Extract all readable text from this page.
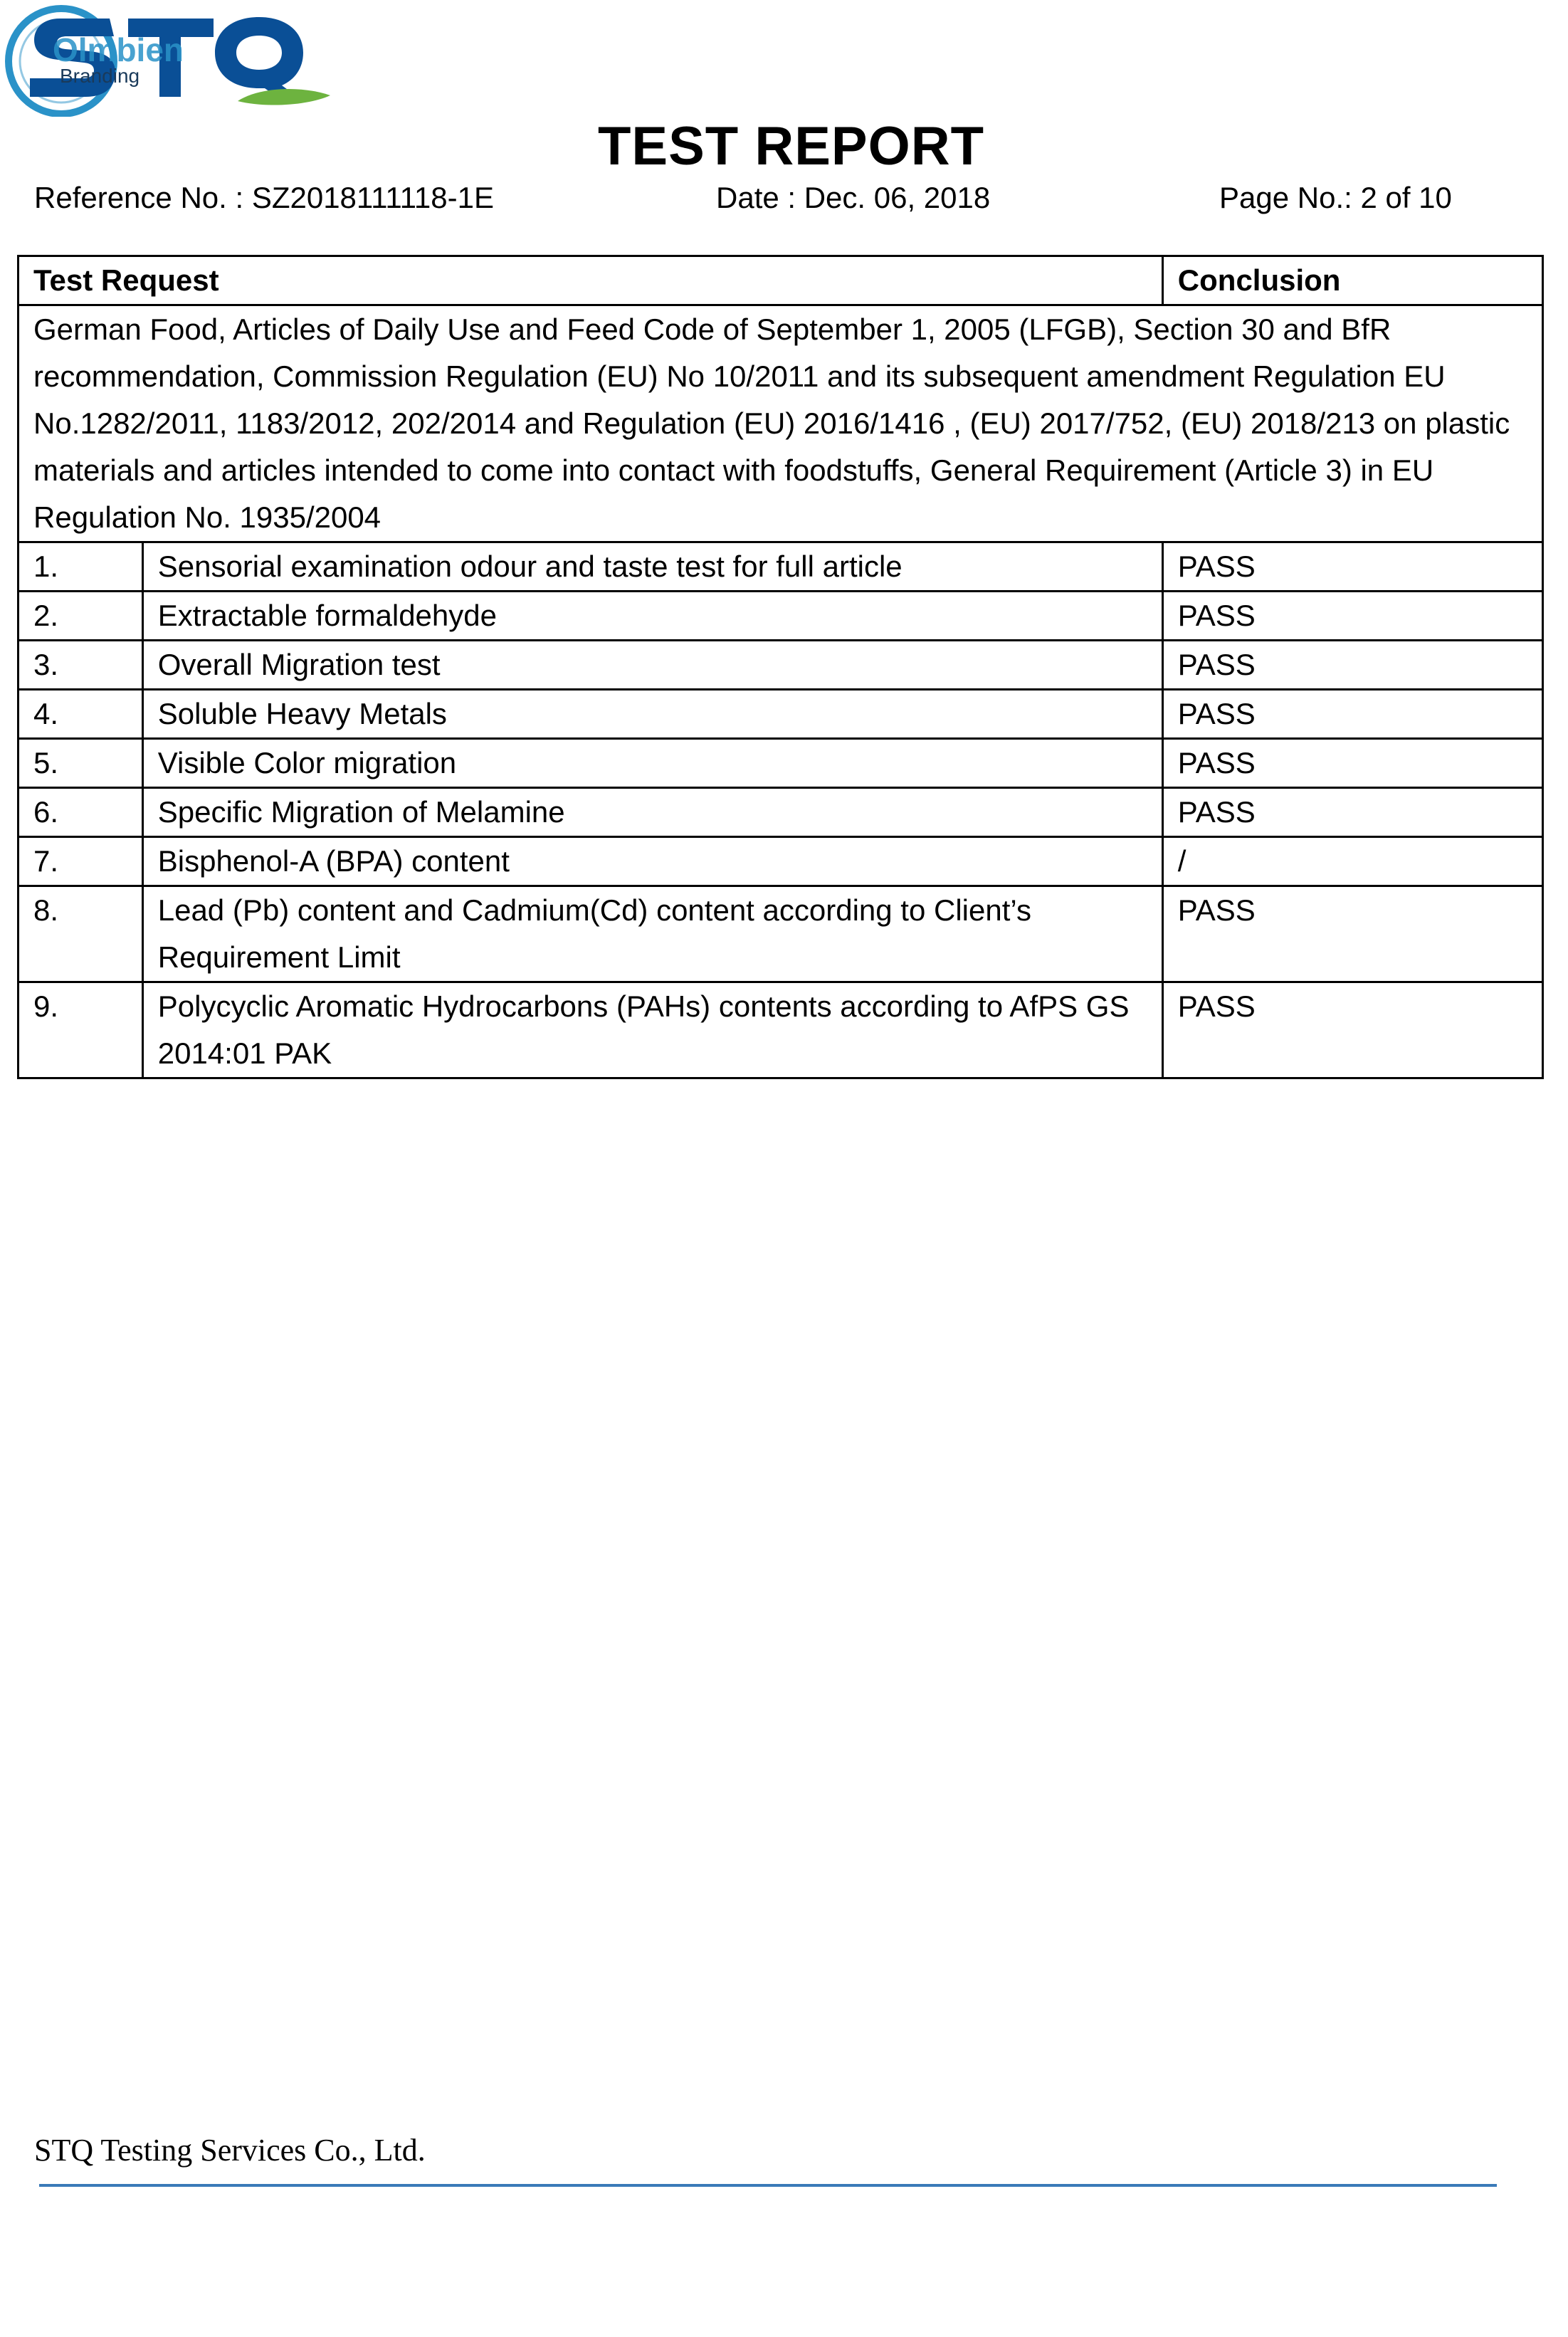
Olmbien
Branding
TEST REPORT
Reference No. : SZ2018111118-1E	Date : Dec. 06, 2018	Page No.: 2 of 10
Test Request		Conclusion
German Food, Articles of Daily Use and Feed Code of September 1, 2005 (LFGB), Section 30 and BfR recommendation, Commission Regulation (EU) No 10/2011 and its subsequent amendment Regulation EU No.1282/2011, 1183/2012, 202/2014 and Regulation (EU) 2016/1416 , (EU) 2017/752, (EU) 2018/213 on plastic materials and articles intended to come into contact with foodstuffs, General Requirement (Article 3) in EU Regulation No. 1935/2004		
1.	Sensorial examination odour and taste test for full article	PASS
2.	Extractable formaldehyde	PASS
3.	Overall Migration test	PASS
4.	Soluble Heavy Metals	PASS
5.	Visible Color migration	PASS
6.	Specific Migration of Melamine	PASS
7.	Bisphenol-A (BPA) content	/
8.	Lead (Pb) content and Cadmium(Cd) content according to Client’s Requirement Limit	PASS
9.	Polycyclic Aromatic Hydrocarbons (PAHs) contents according to AfPS GS 2014:01 PAK	PASS
STQ Testing Services Co., Ltd.
